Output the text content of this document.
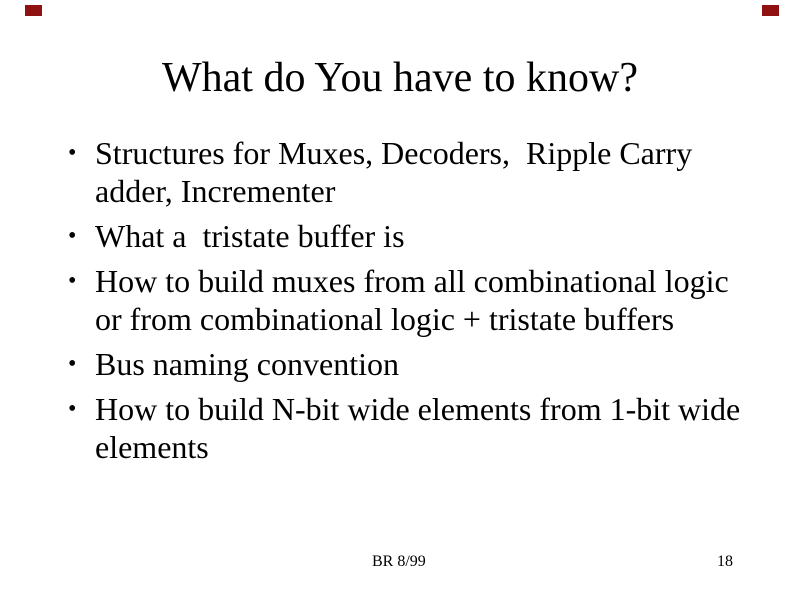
What do You have to know?
• Structures for Muxes, Decoders,  Ripple Carry
adder, Incrementer
• What a  tristate buffer is
• How to build muxes from all combinational logic
or from combinational logic + tristate buffers
• Bus naming convention
• How to build N-bit wide elements from 1-bit wide
elements
BR 8/99	18
